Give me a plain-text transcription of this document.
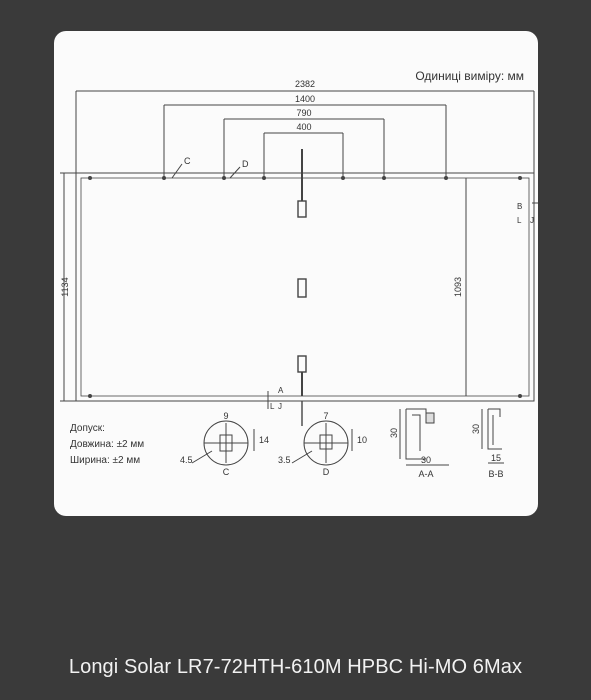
Одиниці виміру: мм
2382
1400
790
400
1134	1093
C	D
B
L J
A
L J
Допуск:
Довжина: ±2 мм
Ширина: ±2 мм
9
14
4.5
C
7
10
3.5
D
30
30
A-A
30
15
B-B
Longi Solar LR7-72HTH-610M HPBC Hi-MO 6Max
